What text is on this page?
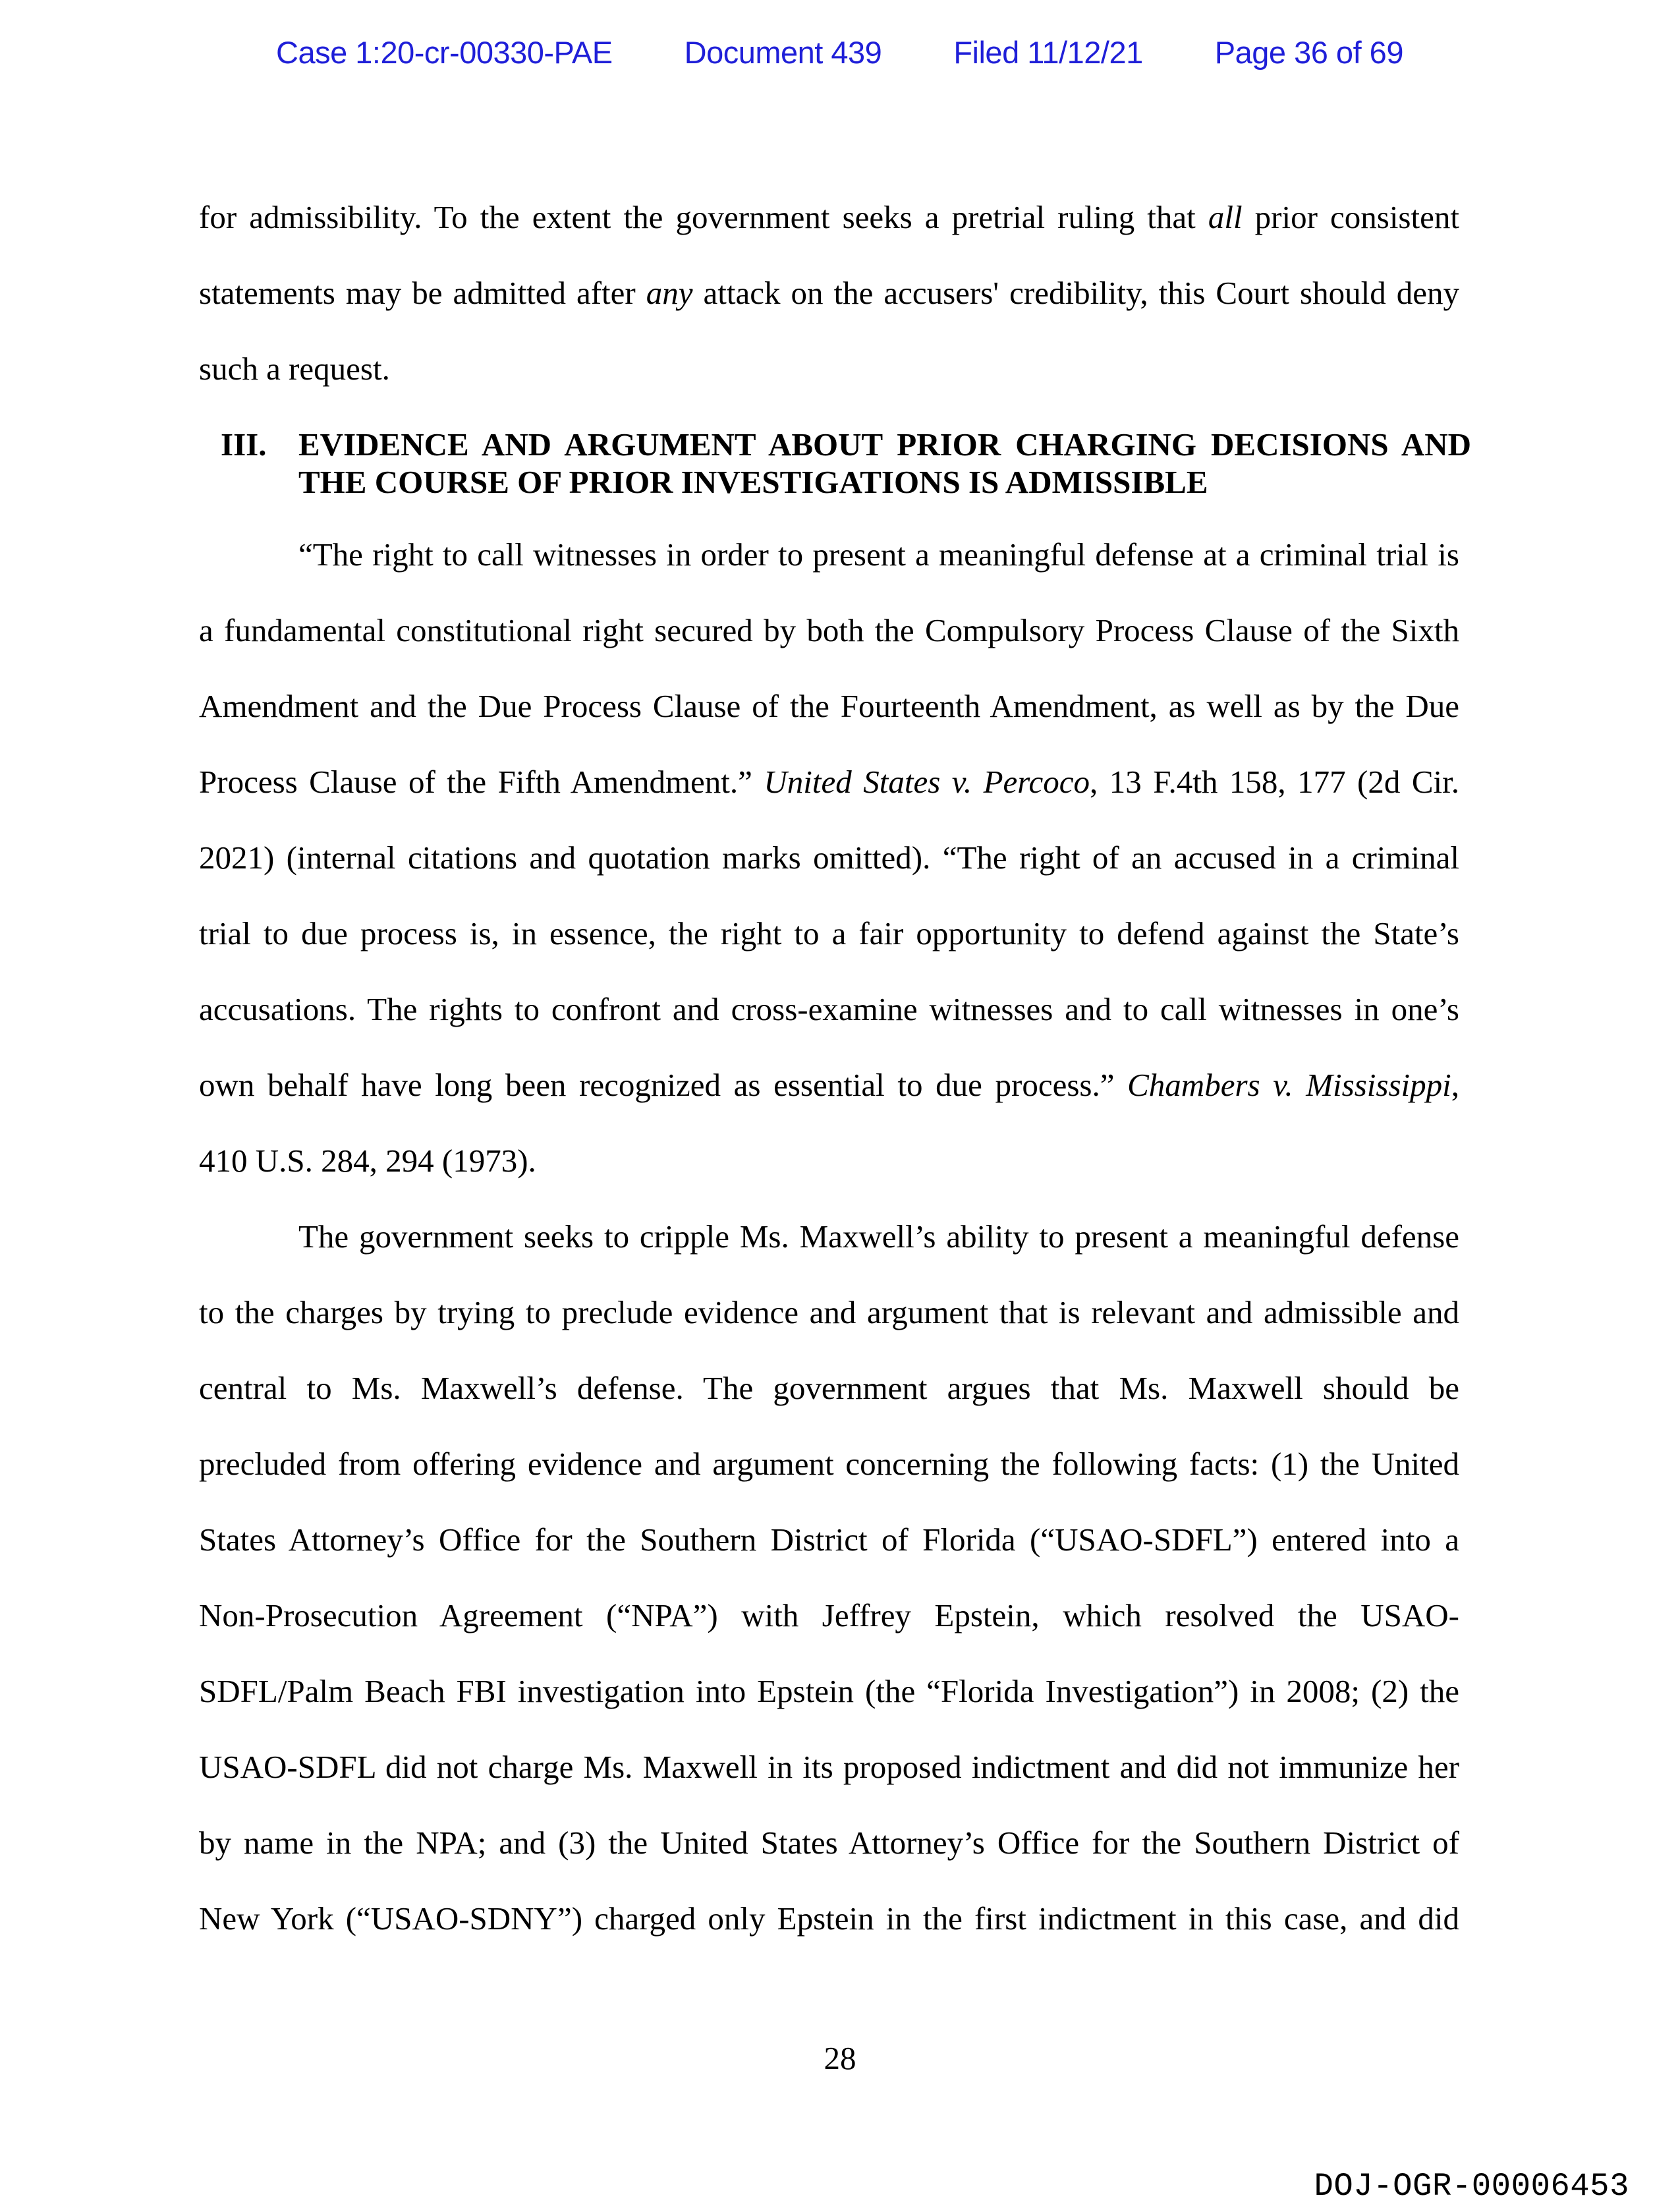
Case 1:20-cr-00330-PAE Document 439 Filed 11/12/21 Page 36 of 69
for admissibility. To the extent the government seeks a pretrial ruling that all prior consistent
statements may be admitted after any attack on the accusers' credibility, this Court should deny
such a request.
III. EVIDENCE AND ARGUMENT ABOUT PRIOR CHARGING DECISIONS AND
THE COURSE OF PRIOR INVESTIGATIONS IS ADMISSIBLE
“The right to call witnesses in order to present a meaningful defense at a criminal trial is
a fundamental constitutional right secured by both the Compulsory Process Clause of the Sixth
Amendment and the Due Process Clause of the Fourteenth Amendment, as well as by the Due
Process Clause of the Fifth Amendment.” United States v. Percoco, 13 F.4th 158, 177 (2d Cir.
2021) (internal citations and quotation marks omitted). “The right of an accused in a criminal
trial to due process is, in essence, the right to a fair opportunity to defend against the State’s
accusations. The rights to confront and cross-examine witnesses and to call witnesses in one’s
own behalf have long been recognized as essential to due process.” Chambers v. Mississippi,
410 U.S. 284, 294 (1973).
The government seeks to cripple Ms. Maxwell’s ability to present a meaningful defense
to the charges by trying to preclude evidence and argument that is relevant and admissible and
central to Ms. Maxwell’s defense. The government argues that Ms. Maxwell should be
precluded from offering evidence and argument concerning the following facts: (1) the United
States Attorney’s Office for the Southern District of Florida (“USAO-SDFL”) entered into a
Non-Prosecution Agreement (“NPA”) with Jeffrey Epstein, which resolved the USAO-
SDFL/Palm Beach FBI investigation into Epstein (the “Florida Investigation”) in 2008; (2) the
USAO-SDFL did not charge Ms. Maxwell in its proposed indictment and did not immunize her
by name in the NPA; and (3) the United States Attorney’s Office for the Southern District of
New York (“USAO-SDNY”) charged only Epstein in the first indictment in this case, and did
28
DOJ-OGR-00006453
